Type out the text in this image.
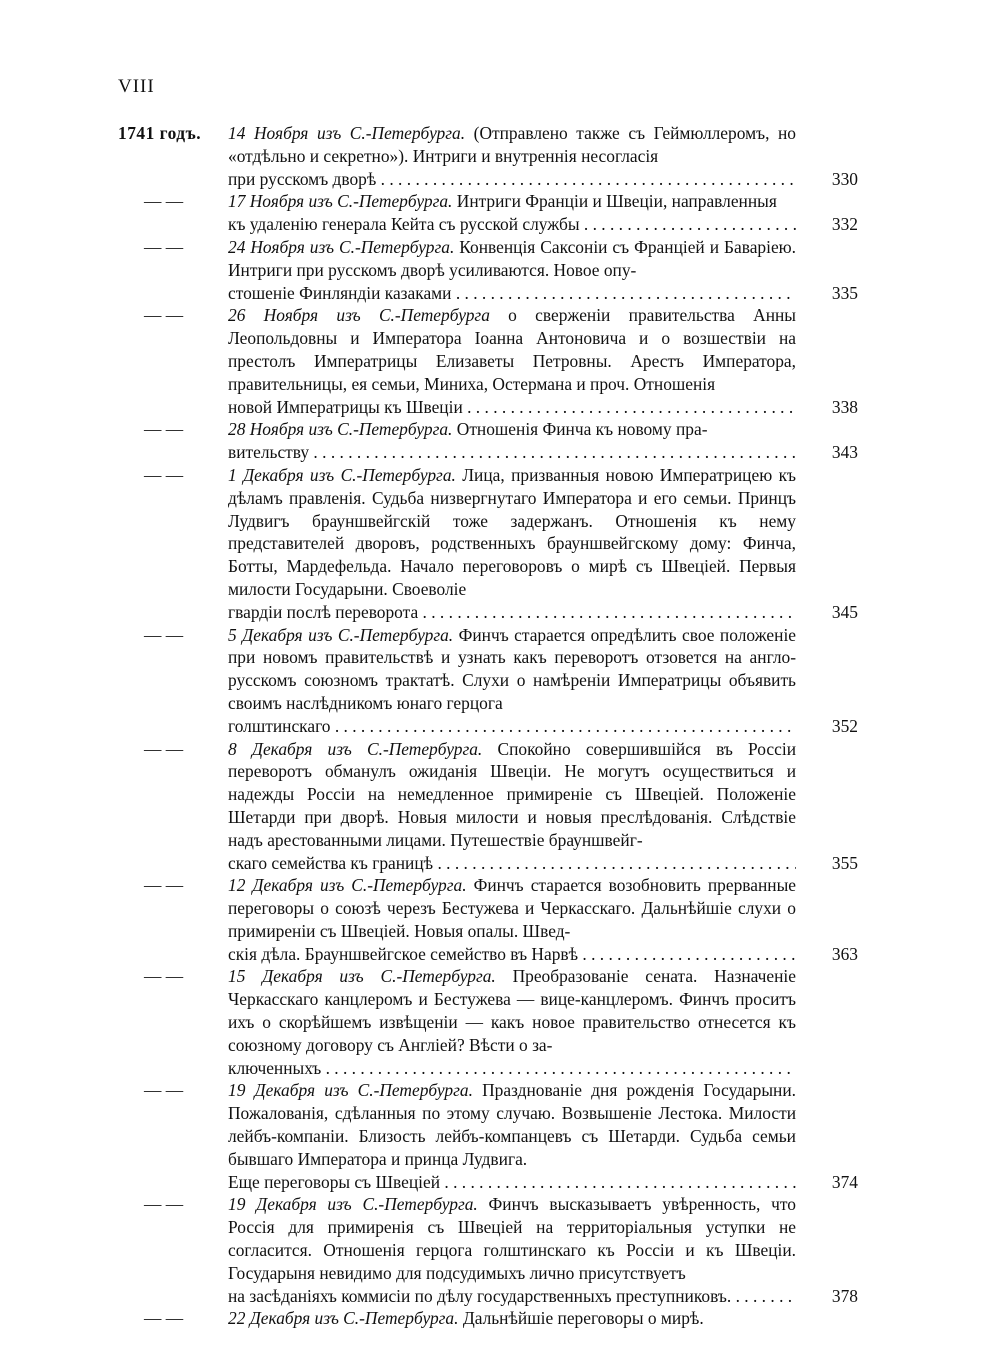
VIII
1741 годъ. 14 Ноября изъ С.-Петербурга. (Отправлено также съ Геймюллеромъ, но «отдѣльно и секретно»). Интриги и внутреннія несогласія
при русскомъ дворѣ . . .	330
— —	17 Ноября изъ С.-Петербурга. Интриги Франціи и Швеціи, направленныя
къ удаленію генерала Кейта съ русской службы . . .	332
— —	24 Ноября изъ С.-Петербурга. Конвенція Саксоніи съ Франціей и Баваріею. Интриги при русскомъ дворѣ усиливаются. Новое опу-
стошеніе Финляндіи казаками . . .	335
— —	26 Ноября изъ С.-Петербурга о сверженіи правительства Анны Леопольдовны и Императора Іоанна Антоновича и о возшествіи на престолъ Императрицы Елизаветы Петровны. Арестъ Императора, правительницы, ея семьи, Миниха, Остермана и проч. Отношенія
новой Императрицы къ Швеціи . . .	338
— —	28 Ноября изъ С.-Петербурга. Отношенія Финча къ новому пра-
вительству . . .	343
— —	1 Декабря изъ С.-Петербурга. Лица, призванныя новою Императрицею къ дѣламъ правленія. Судьба низвергнутаго Императора и его семьи. Принцъ Лудвигъ брауншвейгскій тоже задержанъ. Отношенія къ нему представителей дворовъ, родственныхъ брауншвейгскому дому: Финча, Ботты, Мардефельда. Начало переговоровъ о мирѣ съ Швеціей. Первыя милости Государыни. Своеволіе
гвардіи послѣ переворота . . .	345
— —	5 Декабря изъ С.-Петербурга. Финчъ старается опредѣлить свое положеніе при новомъ правительствѣ и узнать какъ переворотъ отзовется на англо-русскомъ союзномъ трактатѣ. Слухи о намѣреніи Императрицы объявить своимъ наслѣдникомъ юнаго герцога
голштинскаго . . .	352
— —	8 Декабря изъ С.-Петербурга. Спокойно совершившійся въ Россіи переворотъ обманулъ ожиданія Швеціи. Не могутъ осуществиться и надежды Россіи на немедленное примиреніе съ Швеціей. Положеніе Шетарди при дворѣ. Новыя милости и новыя преслѣдованія. Слѣдствіе надъ арестованными лицами. Путешествіе брауншвейг-
скаго семейства къ границѣ . . .	355
— —	12 Декабря изъ С.-Петербурга. Финчъ старается возобновить прерванные переговоры о союзѣ черезъ Бестужева и Черкасскаго. Дальнѣйшіе слухи о примиреніи съ Швеціей. Новыя опалы. Швед-
скія дѣла. Брауншвейгское семейство въ Нарвѣ . . .	363
— —	15 Декабря изъ С.-Петербурга. Преобразованіе сената. Назначеніе Черкасскаго канцлеромъ и Бестужева — вице-канцлеромъ. Финчъ проситъ ихъ о скорѣйшемъ извѣщеніи — какъ новое правительство отнесется къ союзному договору съ Англіей? Вѣсти о за-
ключенныхъ . . .
— —	19 Декабря изъ С.-Петербурга. Празднованіе дня рожденія Государыни. Пожалованія, сдѣланныя по этому случаю. Возвышеніе Лестока. Милости лейбъ-компаніи. Близость лейбъ-компанцевъ съ Шетарди. Судьба семьи бывшаго Императора и принца Лудвига.
Еще переговоры съ Швеціей . . .	374
— —	19 Декабря изъ С.-Петербурга. Финчъ высказываетъ увѣренность, что Россія для примиренія съ Швеціей на территоріальныя уступки не согласится. Отношенія герцога голштинскаго къ Россіи и къ Швеціи. Государыня невидимо для подсудимыхъ лично присутствуетъ
на засѣданіяхъ коммисіи по дѣлу государственныхъ преступниковъ. . . .	378
— —	22 Декабря изъ С.-Петербурга. Дальнѣйшіе переговоры о мирѣ.
